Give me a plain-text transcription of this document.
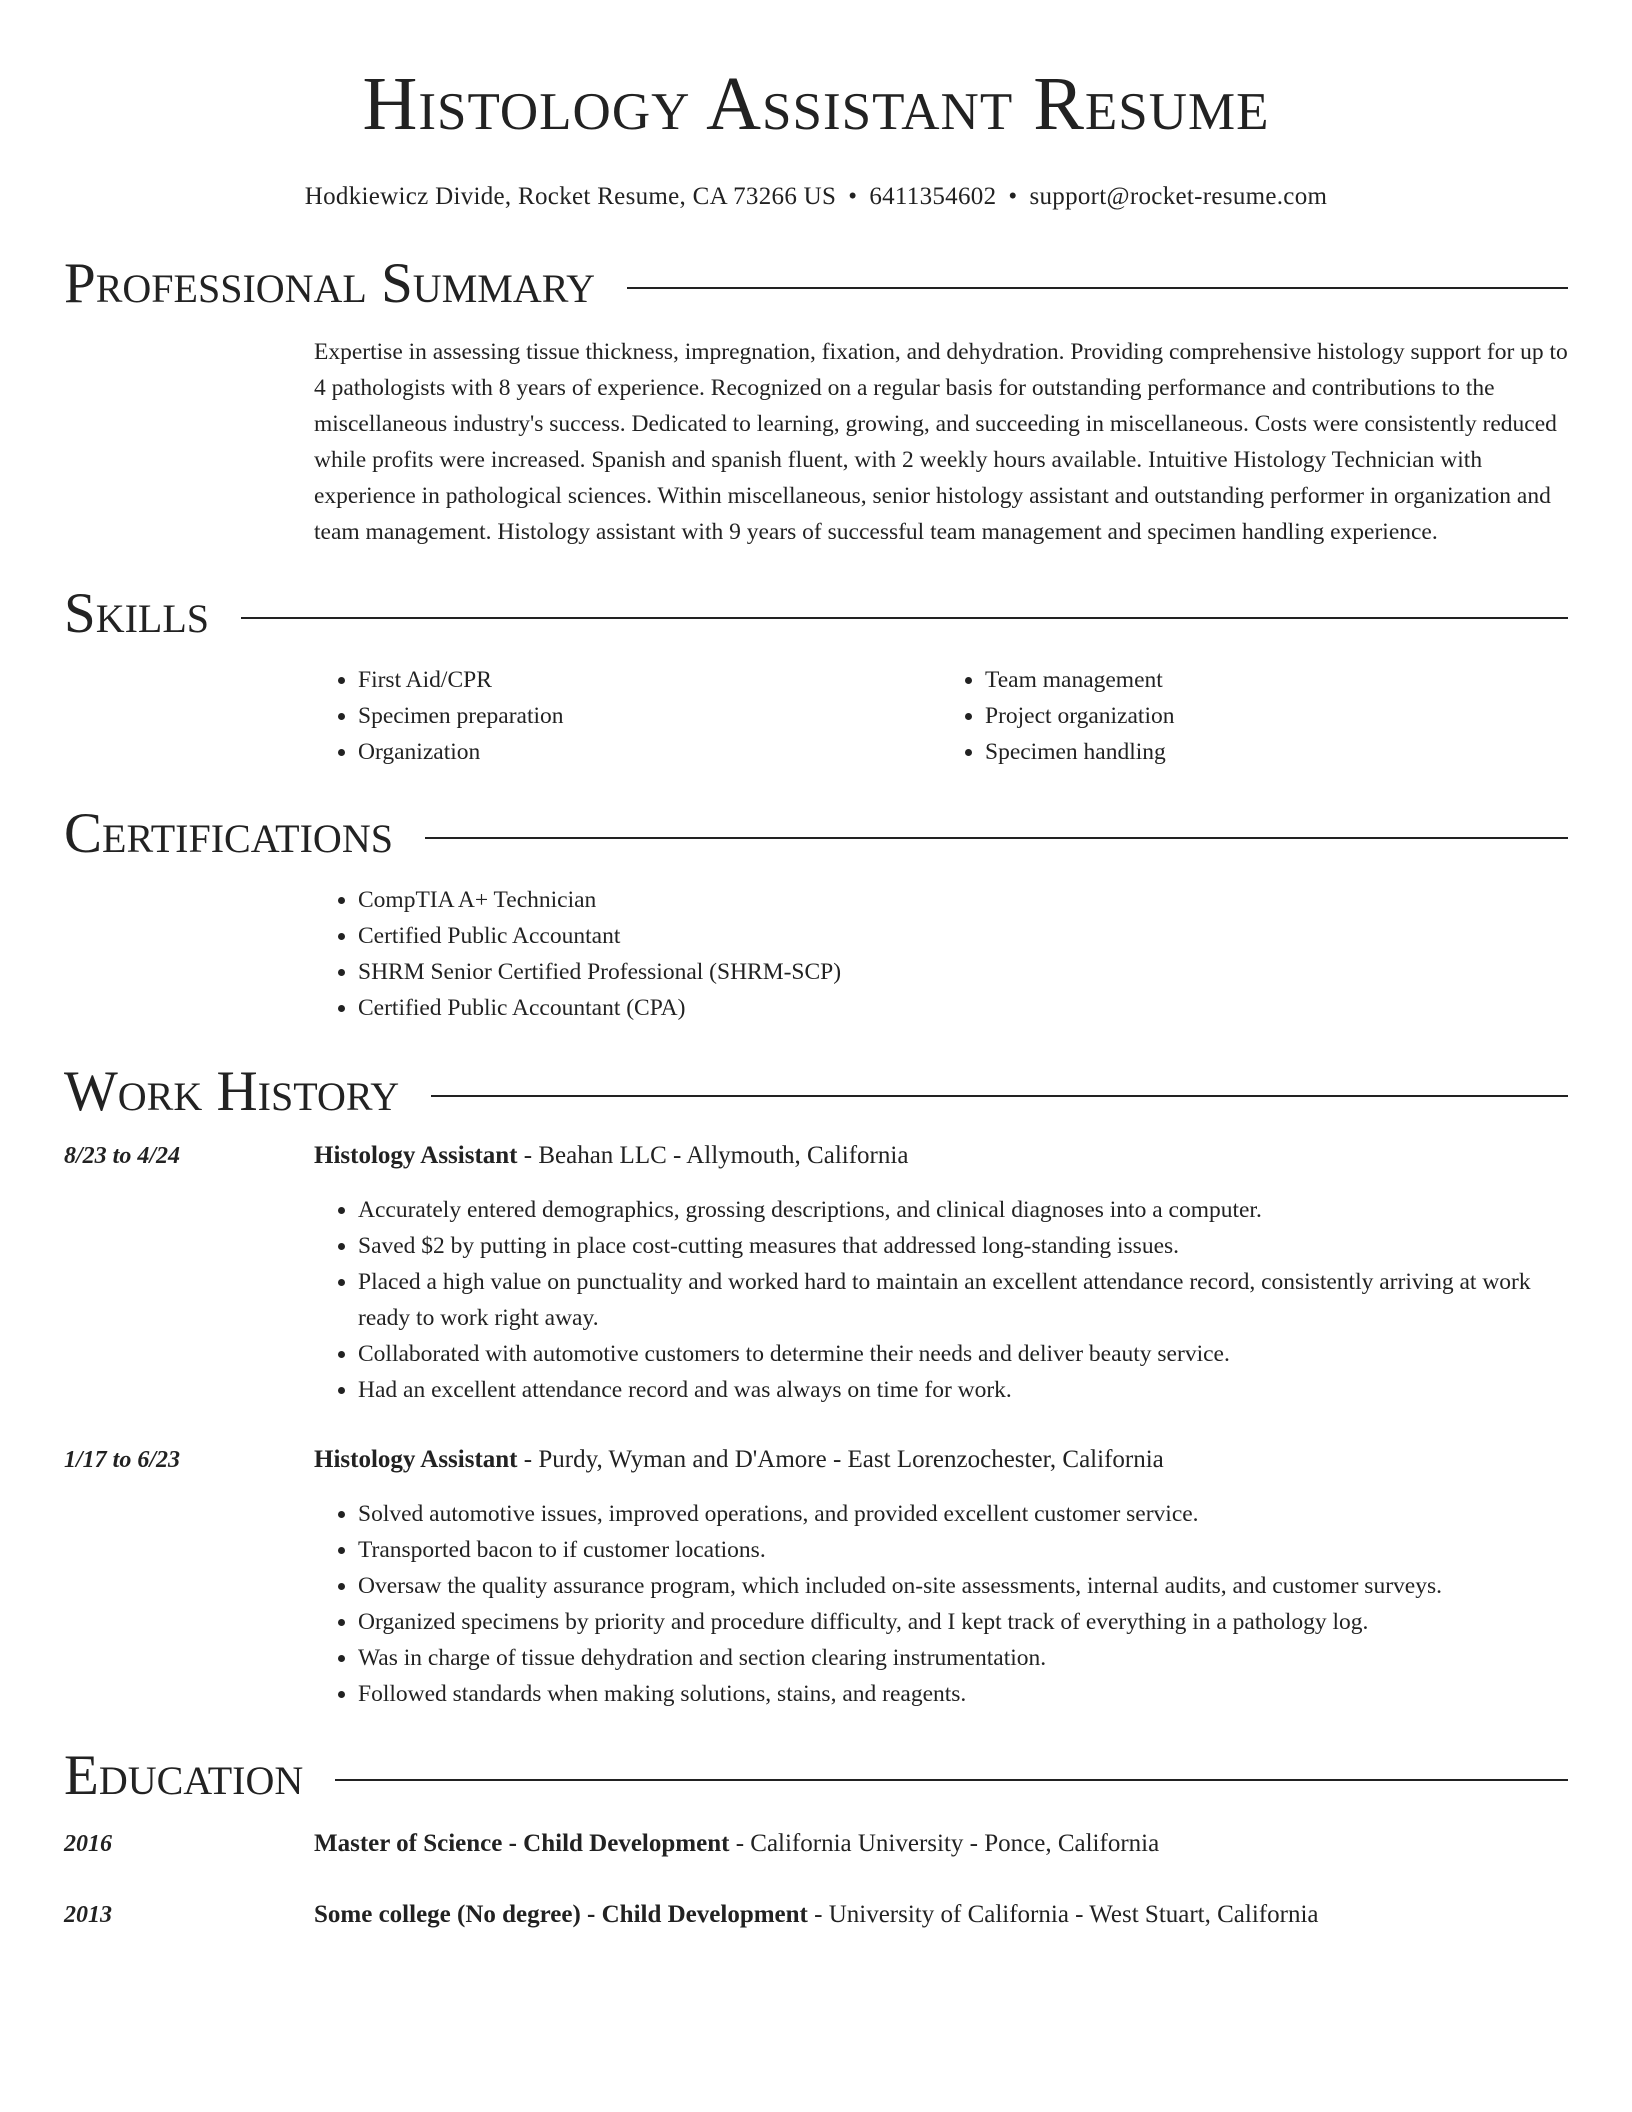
Histology Assistant Resume
Hodkiewicz Divide, Rocket Resume, CA 73266 US • 6411354602 • support@rocket-resume.com
Professional Summary

Expertise in assessing tissue thickness, impregnation, fixation, and dehydration. Providing comprehensive histology support for up to 4 pathologists with 8 years of experience. Recognized on a regular basis for outstanding performance and contributions to the miscellaneous industry's success. Dedicated to learning, growing, and succeeding in miscellaneous. Costs were consistently reduced while profits were increased. Spanish and spanish fluent, with 2 weekly hours available. Intuitive Histology Technician with experience in pathological sciences. Within miscellaneous, senior histology assistant and outstanding performer in organization and team management. Histology assistant with 9 years of successful team management and specimen handling experience.

Skills
• First Aid/CPR
• Specimen preparation
• Organization
• Team management
• Project organization
• Specimen handling
Certifications
• CompTIA A+ Technician
• Certified Public Accountant
• SHRM Senior Certified Professional (SHRM-SCP)
• Certified Public Accountant (CPA)
Work History
8/23 to 4/24	Histology Assistant - Beahan LLC - Allymouth, California
• Accurately entered demographics, grossing descriptions, and clinical diagnoses into a computer.
• Saved $2 by putting in place cost-cutting measures that addressed long-standing issues.
• Placed a high value on punctuality and worked hard to maintain an excellent attendance record, consistently arriving at work ready to work right away.
• Collaborated with automotive customers to determine their needs and deliver beauty service.
• Had an excellent attendance record and was always on time for work.
1/17 to 6/23	Histology Assistant - Purdy, Wyman and D'Amore - East Lorenzochester, California
• Solved automotive issues, improved operations, and provided excellent customer service.
• Transported bacon to if customer locations.
• Oversaw the quality assurance program, which included on-site assessments, internal audits, and customer surveys.
• Organized specimens by priority and procedure difficulty, and I kept track of everything in a pathology log.
• Was in charge of tissue dehydration and section clearing instrumentation.
• Followed standards when making solutions, stains, and reagents.
Education
2016	Master of Science - Child Development - California University - Ponce, California
2013	Some college (No degree) - Child Development - University of California - West Stuart, California
